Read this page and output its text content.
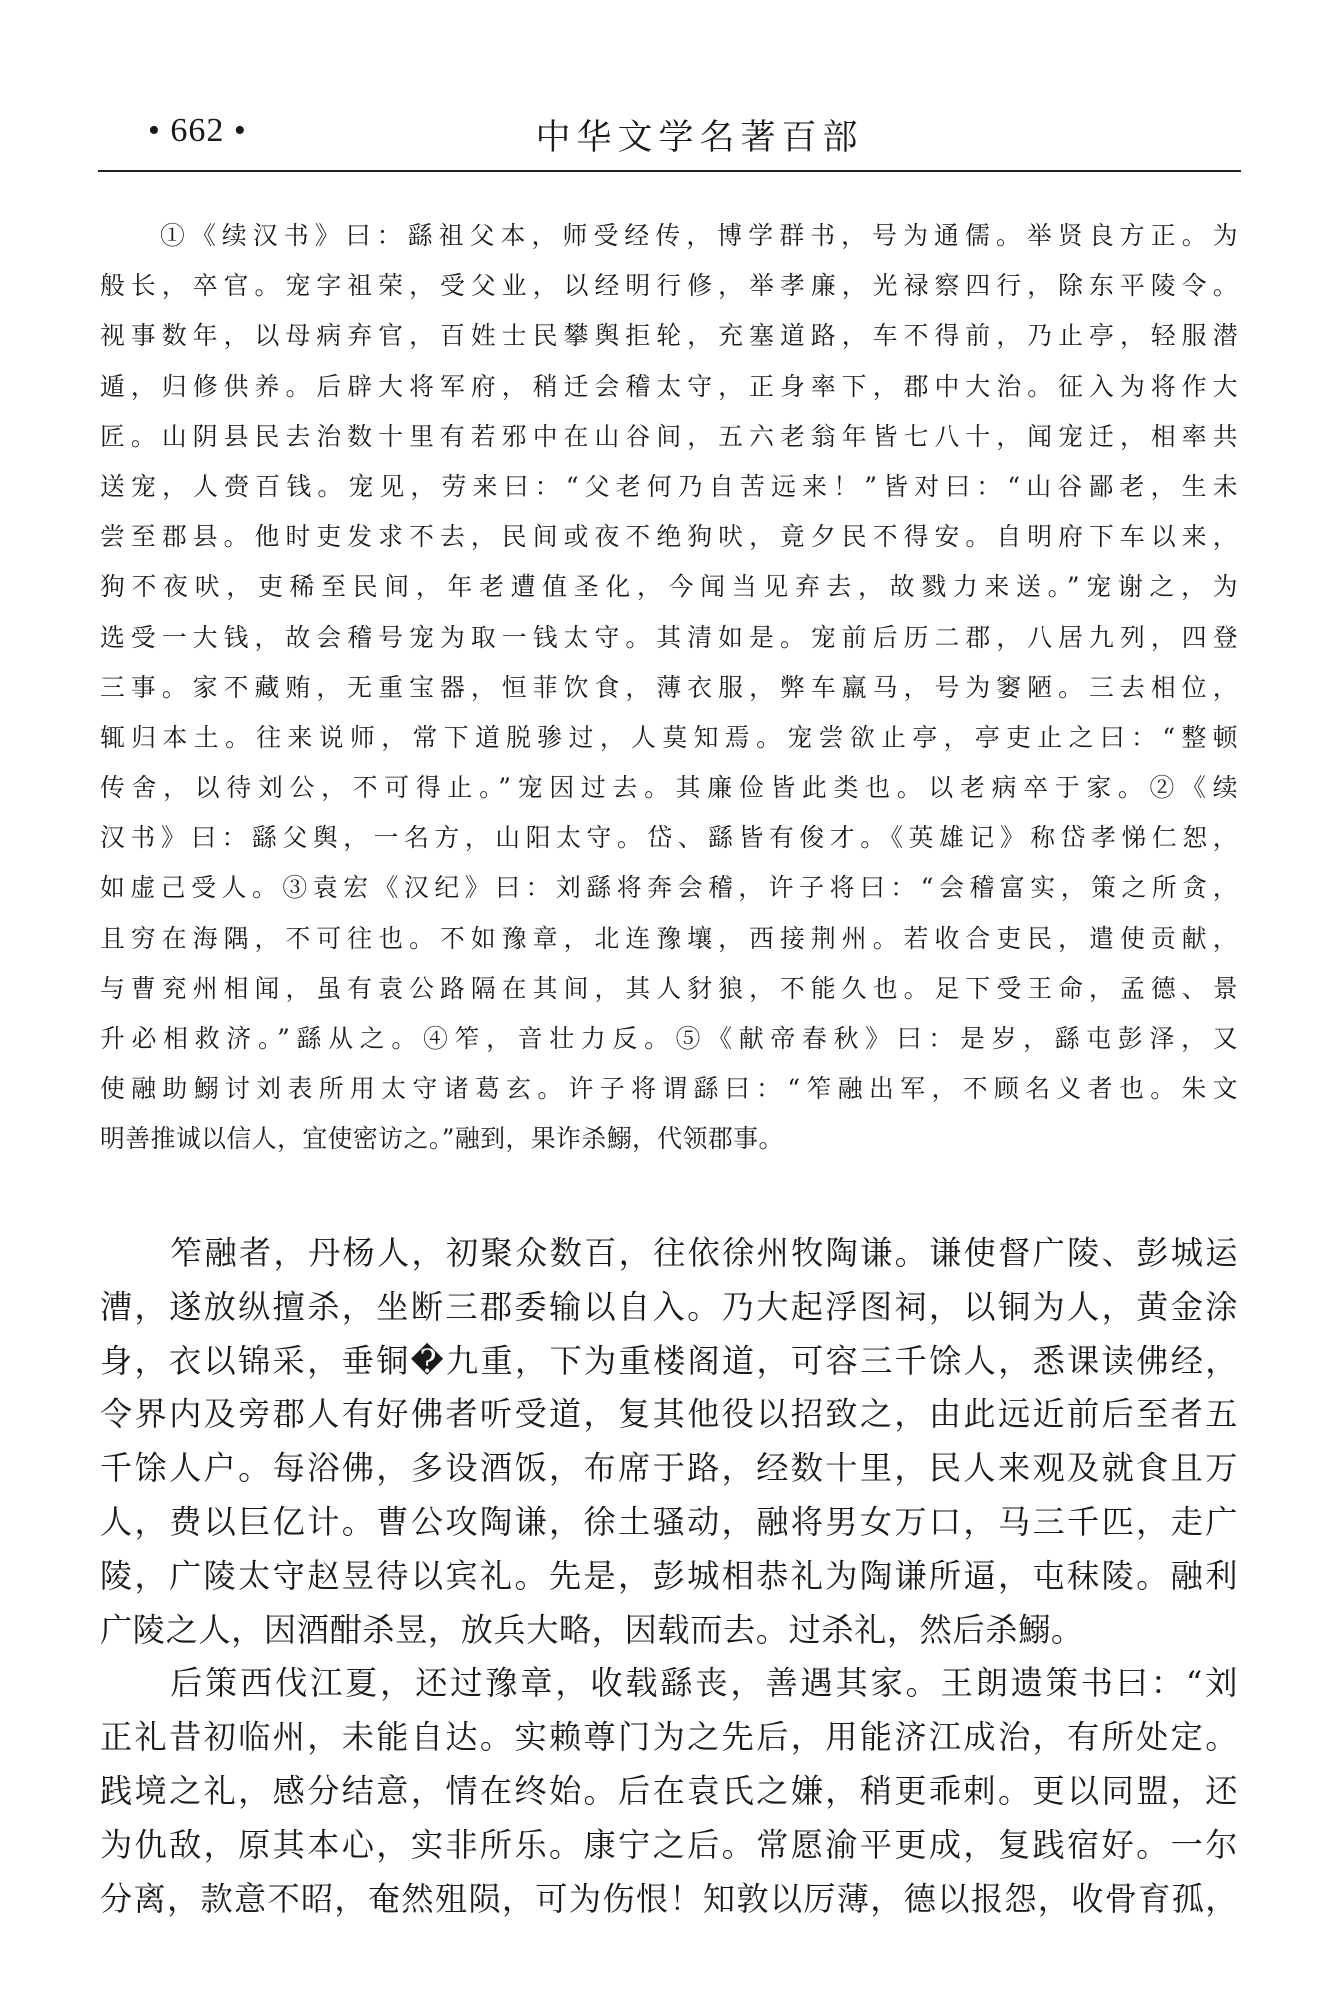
• 662 •	中华文学名著百部
①《续汉书》曰：繇祖父本，师受经传，博学群书，号为通儒。举贤良方正。为
般长，卒官。宠字祖荣，受父业，以经明行修，举孝廉，光禄察四行，除东平陵令。
视事数年，以母病弃官，百姓士民攀舆拒轮，充塞道路，车不得前，乃止亭，轻服潜
遁，归修供养。后辟大将军府，稍迁会稽太守，正身率下，郡中大治。征入为将作大
匠。山阴县民去治数十里有若邪中在山谷间，五六老翁年皆七八十，闻宠迁，相率共
送宠，人赍百钱。宠见，劳来曰：“父老何乃自苦远来！”皆对曰：“山谷鄙老，生未
尝至郡县。他时吏发求不去，民间或夜不绝狗吠，竟夕民不得安。自明府下车以来，
狗不夜吠，吏稀至民间，年老遭值圣化，今闻当见弃去，故戮力来送。”宠谢之，为
选受一大钱，故会稽号宠为取一钱太守。其清如是。宠前后历二郡，八居九列，四登
三事。家不藏贿，无重宝器，恒菲饮食，薄衣服，弊车羸马，号为窭陋。三去相位，
辄归本土。往来说师，常下道脱骖过，人莫知焉。宠尝欲止亭，亭吏止之曰：“整顿
传舍，以待刘公，不可得止。”宠因过去。其廉俭皆此类也。以老病卒于家。②《续
汉书》曰：繇父舆，一名方，山阳太守。岱、繇皆有俊才。《英雄记》称岱孝悌仁恕，
如虚己受人。③袁宏《汉纪》曰：刘繇将奔会稽，许子将曰：“会稽富实，策之所贪，
且穷在海隅，不可往也。不如豫章，北连豫壤，西接荆州。若收合吏民，遣使贡献，
与曹兖州相闻，虽有袁公路隔在其间，其人豺狼，不能久也。足下受王命，孟德、景
升必相救济。”繇从之。④笮，音壮力反。⑤《献帝春秋》曰：是岁，繇屯彭泽，又
使融助鰯讨刘表所用太守诸葛玄。许子将谓繇曰：“笮融出军，不顾名义者也。朱文
明善推诚以信人，宜使密访之。”融到，果诈杀鰯，代领郡事。
笮融者，丹杨人，初聚众数百，往依徐州牧陶谦。谦使督广陵、彭城运
漕，遂放纵擅杀，坐断三郡委输以自入。乃大起浮图祠，以铜为人，黄金涂
身，衣以锦采，垂铜�九重，下为重楼阁道，可容三千馀人，悉课读佛经，
令界内及旁郡人有好佛者听受道，复其他役以招致之，由此远近前后至者五
千馀人户。每浴佛，多设酒饭，布席于路，经数十里，民人来观及就食且万
人，费以巨亿计。曹公攻陶谦，徐土骚动，融将男女万口，马三千匹，走广
陵，广陵太守赵昱待以宾礼。先是，彭城相恭礼为陶谦所逼，屯秣陵。融利
广陵之人，因酒酣杀昱，放兵大略，因载而去。过杀礼，然后杀鰯。
后策西伐江夏，还过豫章，收载繇丧，善遇其家。王朗遗策书曰：“刘
正礼昔初临州，未能自达。实赖尊门为之先后，用能济江成治，有所处定。
践境之礼，感分结意，情在终始。后在袁氏之嫌，稍更乖剌。更以同盟，还
为仇敌，原其本心，实非所乐。康宁之后。常愿渝平更成，复践宿好。一尔
分离，款意不昭，奄然殂陨，可为伤恨！知敦以厉薄，德以报怨，收骨育孤，
